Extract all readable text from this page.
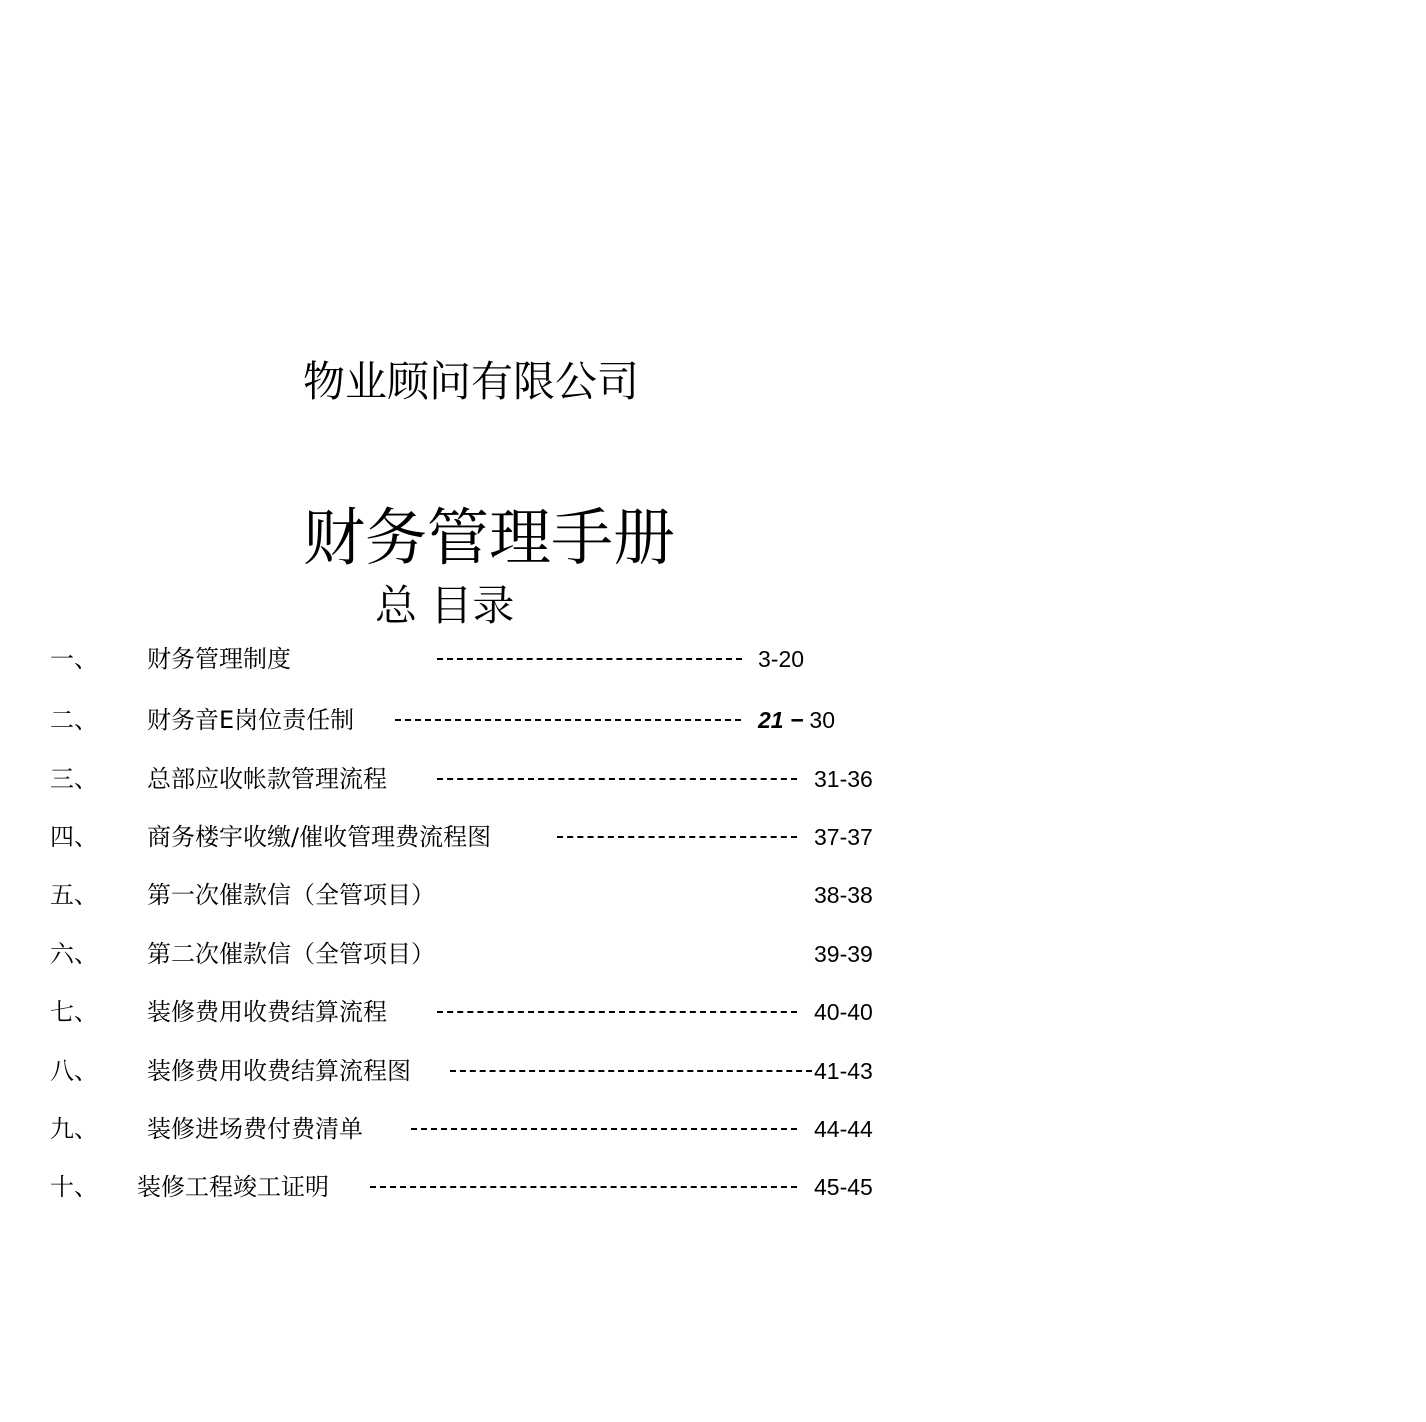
物业顾问有限公司
财务管理手册
总 目录
一、 财务管理制度	3-20
二、 财务音E岗位责任制	21 − 30
三、 总部应收帐款管理流程	31-36
四、 商务楼宇收缴/催收管理费流程图	37-37
五、 第一次催款信（全管项目）	38-38
六、 第二次催款信（全管项目）	39-39
七、 装修费用收费结算流程	40-40
八、 装修费用收费结算流程图	41-43
九、 装修进场费付费清单	44-44
十、 装修工程竣工证明	45-45
